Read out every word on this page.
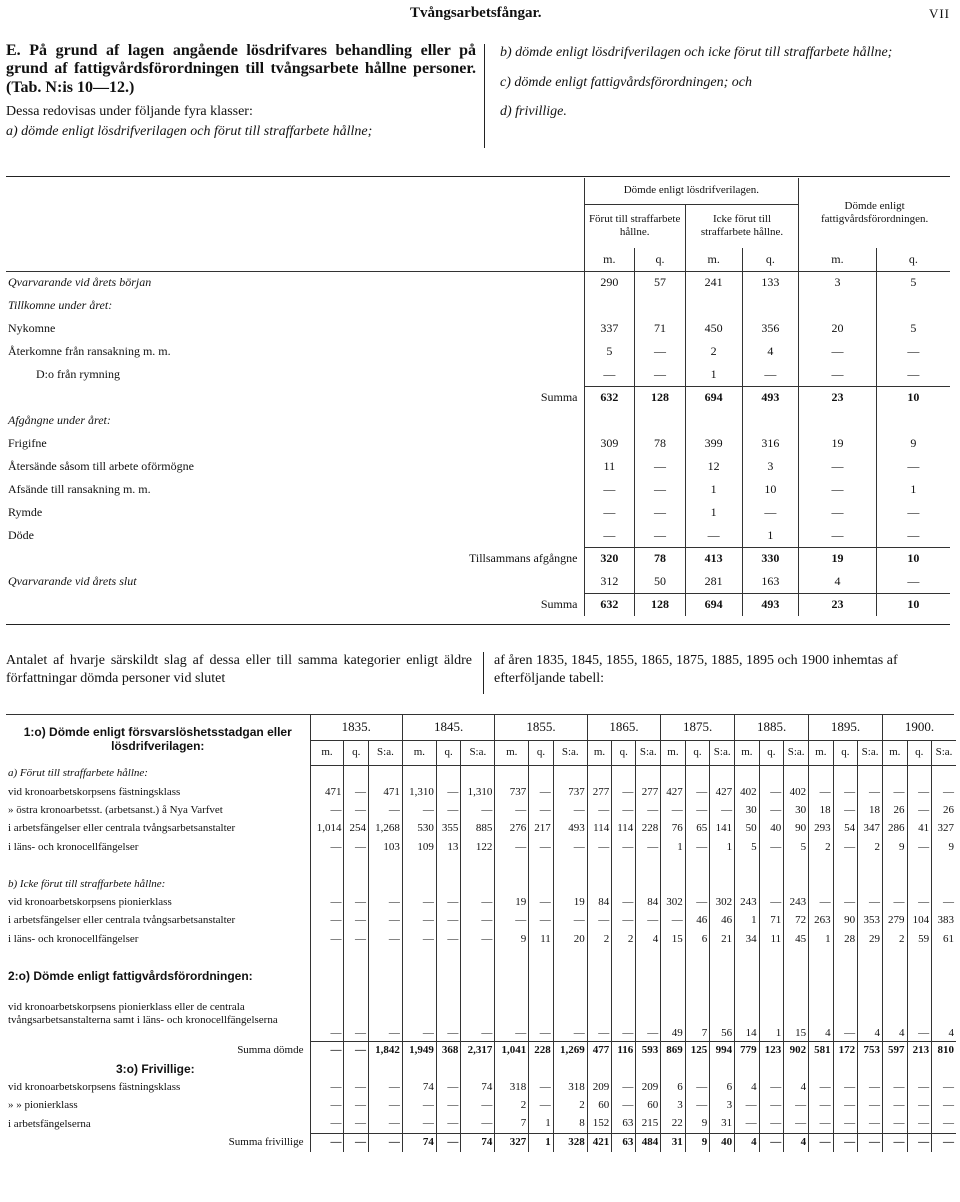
Tvångsarbetsfångar.	VII
E. På grund af lagen angående lösdrifvares behandling eller på grund af fattigvårdsförordningen till tvångsarbete hållne personer. (Tab. N:is 10—12.)
Dessa redovisas under följande fyra klasser:
a) dömde enligt lösdrifverilagen och förut till straffarbete hållne;

b) dömde enligt lösdrifverilagen och icke förut till straffarbete hållne;

c) dömde enligt fattigvårdsförordningen; och

d) frivillige.

	Dömde enligt lösdrifverilagen.				Dömde enligt fattigvårdsförordningen.	
	Förut till straffarbete hållne.		Icke förut till straffarbete hållne.			
	m.	q.	m.	q.	m.	q.
Qvarvarande vid årets början	290	57	241	133	3	5
Tillkomne under året:						
Nykomne	337	71	450	356	20	5
Återkomne från ransakning m. m.	5	—	2	4	—	—
D:o från rymning	—	—	1	—	—	—
Summa	632	128	694	493	23	10
Afgångne under året:						
Frigifne	309	78	399	316	19	9
Återsände såsom till arbete oförmögne	11	—	12	3	—	—
Afsände till ransakning m. m.	—	—	1	10	—	1
Rymde	—	—	1	—	—	—
Döde	—	—	—	1	—	—
Tillsammans afgångne	320	78	413	330	19	10
Qvarvarande vid årets slut	312	50	281	163	4	—
Summa	632	128	694	493	23	10
Antalet af hvarje särskildt slag af dessa eller till samma kategorier enligt äldre författningar dömda personer vid slutet
af åren 1835, 1845, 1855, 1865, 1875, 1885, 1895 och 1900 inhemtas af efterföljande tabell:
1:o) Dömde enligt försvarslöshetsstadgan eller lösdrifverilagen:	1835.			1845.			1855.			1865.			1875.			1885.			1895.			1900.		
	m.	q.	S:a.	m.	q.	S:a.	m.	q.	S:a.	m.	q.	S:a.	m.	q.	S:a.	m.	q.	S:a.	m.	q.	S:a.	m.	q.	S:a.
a) Förut till straffarbete hållne:																								
vid kronoarbetskorpsens fästningsklass	471	—	471	1,310	—	1,310	737	—	737	277	—	277	427	—	427	402	—	402	—	—	—	—	—	—
» östra kronoarbetsst. (arbetsanst.) å Nya Varfvet	—	—	—	—	—	—	—	—	—	—	—	—	—	—	—	30	—	30	18	—	18	26	—	26
i arbetsfängelser eller centrala tvångsarbetsanstalter	1,014	254	1,268	530	355	885	276	217	493	114	114	228	76	65	141	50	40	90	293	54	347	286	41	327
i läns- och kronocellfängelser	—	—	103	109	13	122	—	—	—	—	—	—	1	—	1	5	—	5	2	—	2	9	—	9

b) Icke förut till straffarbete hållne:																								
vid kronoarbetskorpsens pionierklass	—	—	—	—	—	—	19	—	19	84	—	84	302	—	302	243	—	243	—	—	—	—	—	—
i arbetsfängelser eller centrala tvångsarbetsanstalter	—	—	—	—	—	—	—	—	—	—	—	—	—	46	46	1	71	72	263	90	353	279	104	383
i läns- och kronocellfängelser	—	—	—	—	—	—	9	11	20	2	2	4	15	6	21	34	11	45	1	28	29	2	59	61

2:o) Dömde enligt fattigvårdsförordningen:																								
vid kronoarbetskorpsens pionierklass eller de centrala tvångsarbetsanstalterna samt i läns- och kronocellfängelserna	—	—	—	—	—	—	—	—	—	—	—	—	49	7	56	14	1	15	4	—	4	4	—	4
Summa dömde	—	—	1,842	1,949	368	2,317	1,041	228	1,269	477	116	593	869	125	994	779	123	902	581	172	753	597	213	810
3:o) Frivillige:																								
vid kronoarbetskorpsens fästningsklass	—	—	—	74	—	74	318	—	318	209	—	209	6	—	6	4	—	4	—	—	—	—	—	—
» » pionierklass	—	—	—	—	—	—	2	—	2	60	—	60	3	—	3	—	—	—	—	—	—	—	—	—
i arbetsfängelserna	—	—	—	—	—	—	7	1	8	152	63	215	22	9	31	—	—	—	—	—	—	—	—	—
Summa frivillige	—	—	—	74	—	74	327	1	328	421	63	484	31	9	40	4	—	4	—	—	—	—	—	—
